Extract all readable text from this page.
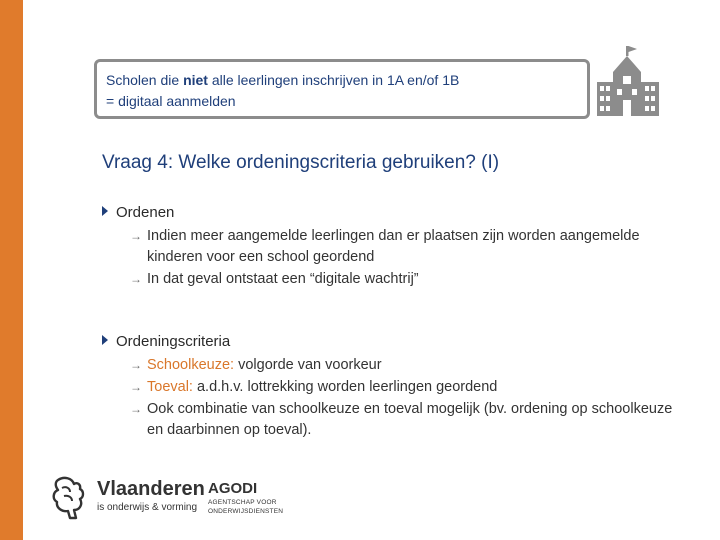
Scholen die niet alle leerlingen inschrijven in 1A en/of 1B
= digitaal aanmelden
Vraag 4: Welke ordeningscriteria gebruiken? (I)
Ordenen
→ Indien meer aangemelde leerlingen dan er plaatsen zijn worden aangemelde kinderen voor een school geordend
→ In dat geval ontstaat een “digitale wachtrij”
Ordeningscriteria
→ Schoolkeuze: volgorde van voorkeur
→ Toeval: a.d.h.v. lottrekking worden leerlingen geordend
→ Ook combinatie van schoolkeuze en toeval mogelijk (bv. ordening op schoolkeuze en daarbinnen op toeval).
Vlaanderen
is onderwijs & vorming
AGODI
AGENTSCHAP VOOR
ONDERWIJSDIENSTEN
